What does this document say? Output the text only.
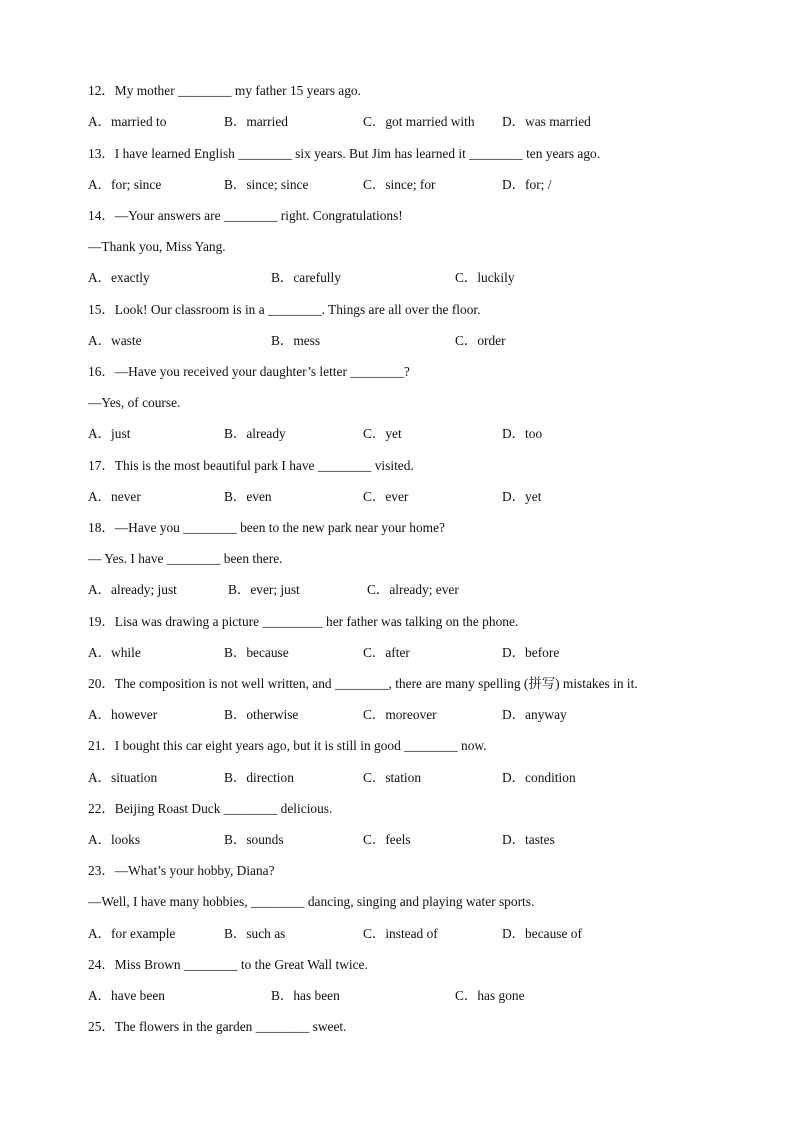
12．My mother ________ my father 15 years ago.
A．married to	B．married	C．got married with D．was married
13．I have learned English ________ six years. But Jim has learned it ________ ten years ago.
A．for; since	B．since; since	C．since; for	D．for; /
14．—Your answers are ________ right. Congratulations!
—Thank you, Miss Yang.
A．exactly	B．carefully	C．luckily
15．Look! Our classroom is in a ________. Things are all over the floor.
A．waste	B．mess	C．order
16．—Have you received your daughter’s letter ________?
—Yes, of course.
A．just	B．already	C．yet	D．too
17．This is the most beautiful park I have ________ visited.
A．never	B．even	C．ever	D．yet
18．—Have you ________ been to the new park near your home?
— Yes. I have ________ been there.
A．already; just	B．ever; just	C．already; ever
19．Lisa was drawing a picture _________ her father was talking on the phone.
A．while	B．because	C．after	D．before
20．The composition is not well written, and ________, there are many spelling (拼写) mistakes in it.
A．however	B．otherwise	C．moreover	D．anyway
21．I bought this car eight years ago, but it is still in good ________ now.
A．situation	B．direction	C．station	D．condition
22．Beijing Roast Duck ________ delicious.
A．looks	B．sounds	C．feels	D．tastes
23．—What’s your hobby, Diana?
—Well, I have many hobbies, ________ dancing, singing and playing water sports.
A．for example	B．such as	C．instead of	D．because of
24．Miss Brown ________ to the Great Wall twice.
A．have been	B．has been	C．has gone
25．The flowers in the garden ________ sweet.
